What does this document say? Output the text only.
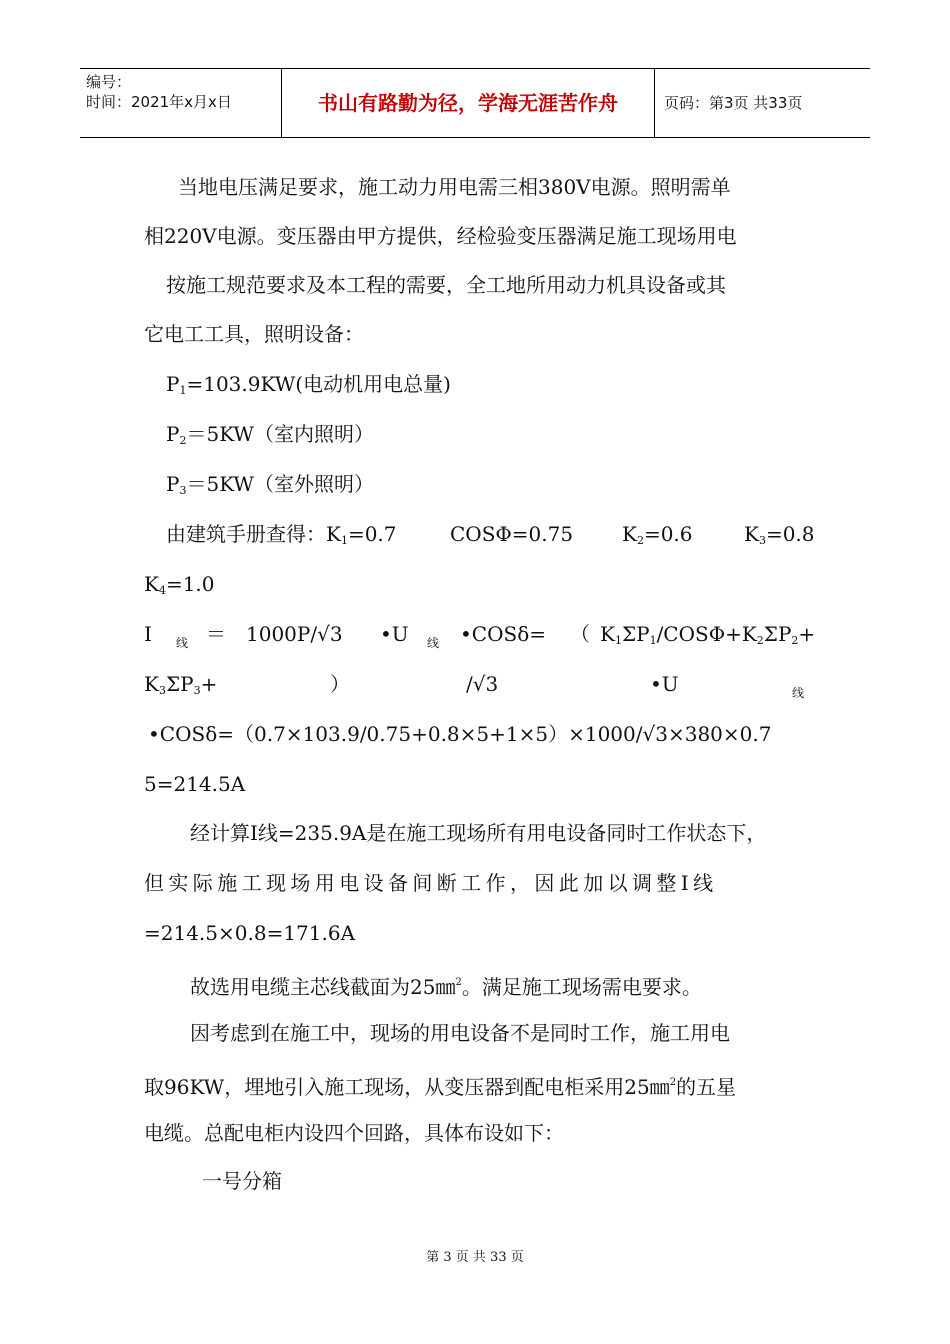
编号：
时间：2021年x月x日	书山有路勤为径，学海无涯苦作舟	页码：第3页 共33页
当地电压满足要求，施工动力用电需三相380V电源。照明需单
相220V电源。变压器由甲方提供，经检验变压器满足施工现场用电
按施工规范要求及本工程的需要，全工地所用动力机具设备或其
它电工工具，照明设备：
$P_1=103.9KW$(电动机用电总量)
$P_2=5KW$（室内照明）
$P_3=5KW$（室外照明）
由建筑手册查得：$K_1=0.7$	COSΦ=0.75 $K_2=0.6$	$K_3=0.8$
$K_4=1.0$
I 线 ＝ 1000P/√3 •U 线 •COSδ= （ $K_1\Sigma P_1/COS\Phi+K_2\Sigma P_2+$
$K_3\Sigma P_3+$	）	/√3	•U	线
•COSδ=（0.7×103.9/0.75+0.8×5+1×5）×1000/√3×380×0.7
5=214.5A
经计算I线=235.9A是在施工现场所有用电设备同时工作状态下，
但实际施工现场用电设备间断工作，因此加以调整I线
=214.5×0.8=171.6A
故选用电缆主芯线截面为25㎜$^2$。满足施工现场需电要求。
因考虑到在施工中，现场的用电设备不是同时工作，施工用电
取96KW，埋地引入施工现场，从变压器到配电柜采用25㎜$^2$的五星
电缆。总配电柜内设四个回路，具体布设如下：
一号分箱
第 3 页 共 33 页
